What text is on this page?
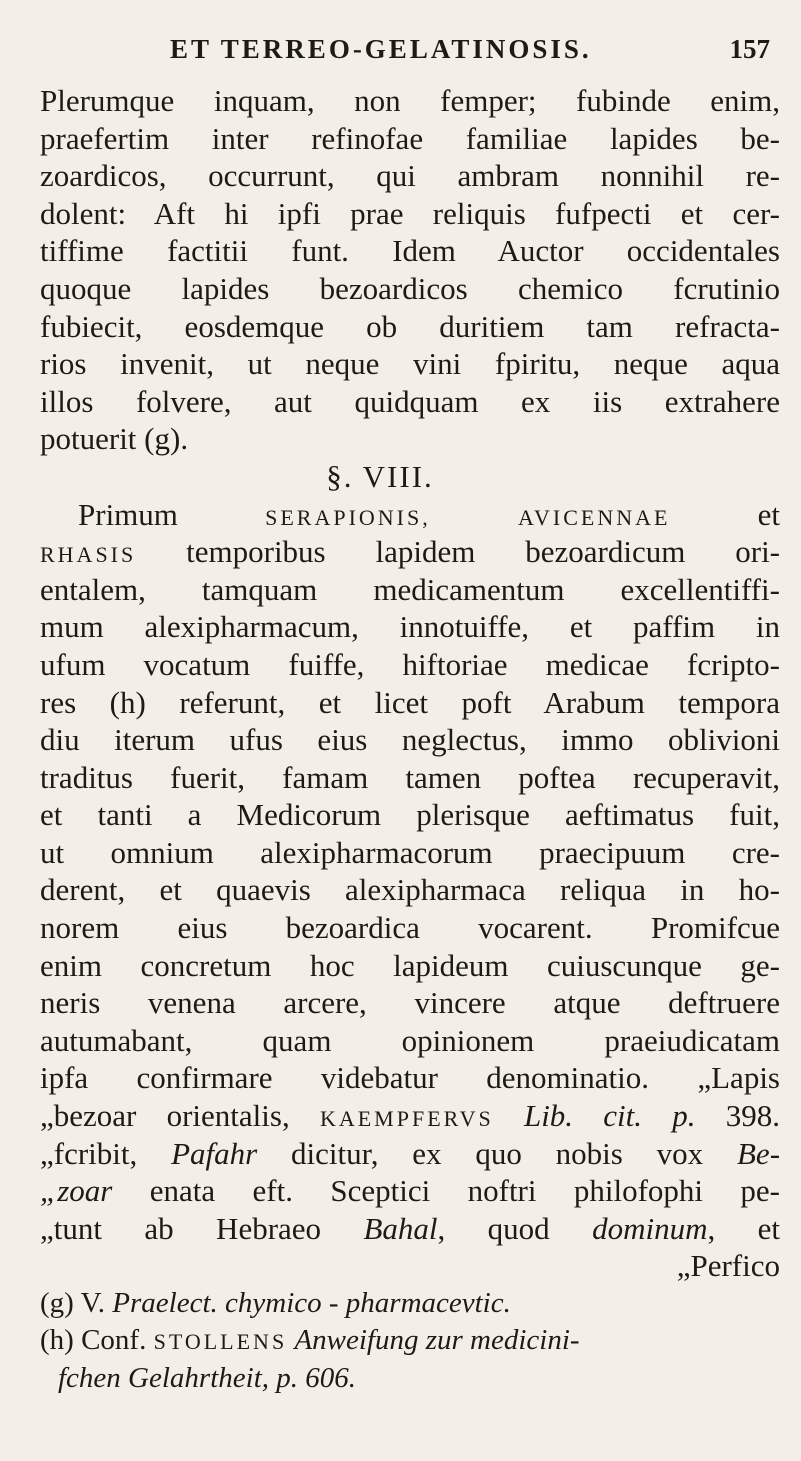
ET TERREO-GELATINOSIS.	157
Plerumque inquam, non femper; fubinde enim,
praefertim inter refinofae familiae lapides be-
zoardicos, occurrunt, qui ambram nonnihil re-
dolent: Aft hi ipfi prae reliquis fufpecti et cer-
tiffime factitii funt. Idem Auctor occidentales
quoque lapides bezoardicos chemico fcrutinio
fubiecit, eosdemque ob duritiem tam refracta-
rios invenit, ut neque vini fpiritu, neque aqua
illos folvere, aut quidquam ex iis extrahere
potuerit (g).
§. VIII.
Primum	SERAPIONIS,	AVICENNAE	et
RHASIS temporibus lapidem bezoardicum ori-
entalem, tamquam medicamentum excellentiffi-
mum alexipharmacum, innotuiffe, et paffim in
ufum vocatum fuiffe, hiftoriae medicae fcripto-
res (h) referunt, et licet poft Arabum tempora
diu iterum ufus eius neglectus, immo oblivioni
traditus fuerit, famam tamen poftea recuperavit,
et tanti a Medicorum plerisque aeftimatus fuit,
ut omnium alexipharmacorum praecipuum cre-
derent, et quaevis alexipharmaca reliqua in ho-
norem eius bezoardica vocarent. Promifcue
enim concretum hoc lapideum cuiuscunque ge-
neris venena arcere, vincere atque deftruere
autumabant, quam opinionem praeiudicatam
ipfa confirmare videbatur denominatio. „Lapis
„bezoar orientalis, KAEMPFERVS Lib. cit. p. 398.
„fcribit, Pafahr dicitur, ex quo nobis vox Be-
„zoar enata eft. Sceptici noftri philofophi pe-
„tunt ab Hebraeo Bahal, quod dominum, et
„Perfico
(g) V. Praelect. chymico - pharmacevtic.
(h) Conf. STOLLENS Anweifung zur medicini-
fchen Gelahrtheit, p. 606.
